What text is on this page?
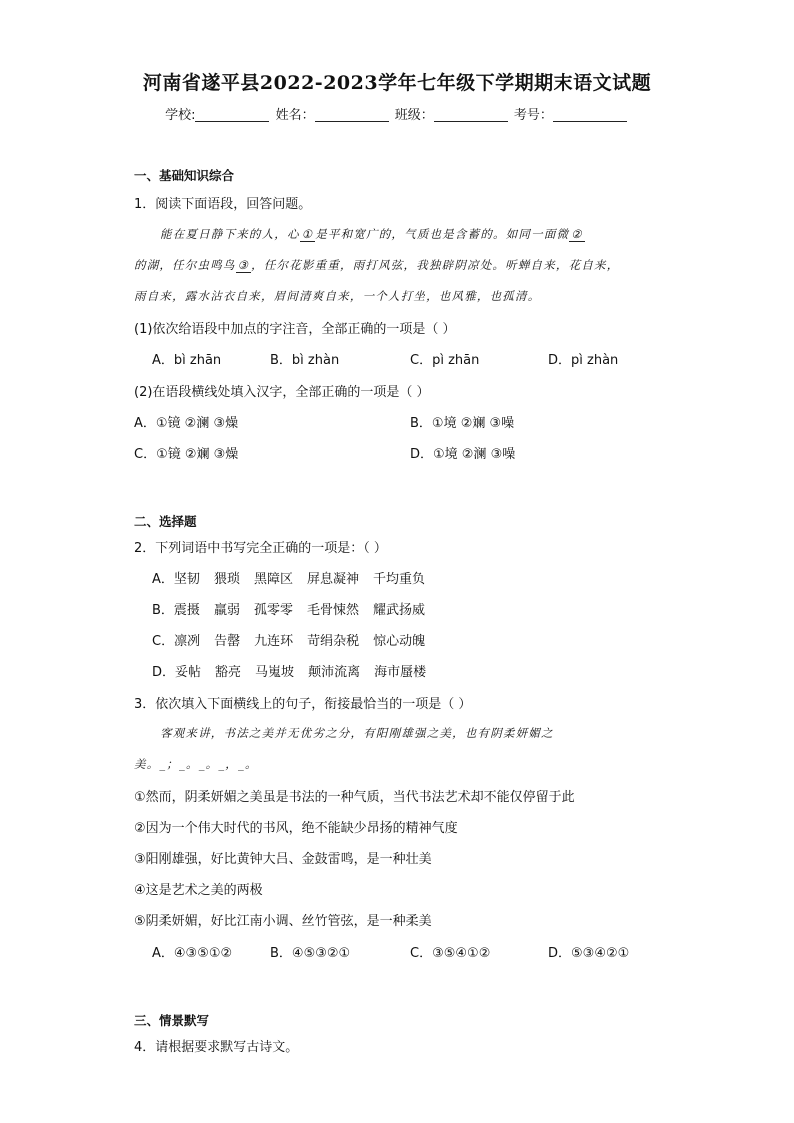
河南省遂平县2022-2023学年七年级下学期期末语文试题
学校:	姓名：	班级：	考号：
一、基础知识综合
1．阅读下面语段，回答问题。
能在夏日静下来的人，心 ① 是平和宽广的，气质也是含蓄的。如同一面微 ②
的湖，任尔虫鸣鸟 ③ ，任尔花影重重，雨打风弦，我独辟阴凉处。听蝉自来，花自来，
雨自来，露水沾衣自来，眉间清爽自来，一个人打坐，也风雅，也孤清。
(1)依次给语段中加点的字注音，全部正确的一项是（ ）
A．bì zhān	B．bì zhàn	C．pì zhān	D．pì zhàn
(2)在语段横线处填入汉字，全部正确的一项是（ ）
A．①镜 ②澜 ③燥	B．①境 ②斓 ③噪
C．①镜 ②斓 ③燥	D．①境 ②澜 ③噪
二、选择题
2．下列词语中书写完全正确的一项是：（ ）
A．坚韧 猥琐 黑障区 屏息凝神 千均重负
B．震摄 羸弱 孤零零 毛骨悚然 耀武扬威
C．凛冽 告罄 九连环 苛绢杂税 惊心动魄
D．妥帖 豁亮 马嵬坡 颠沛流离 海市蜃楼
3．依次填入下面横线上的句子，衔接最恰当的一项是（ ）
客观来讲，书法之美并无优劣之分，有阳刚雄强之美，也有阴柔妍媚之
美。_；_。_。_，_。
①然而，阴柔妍媚之美虽是书法的一种气质，当代书法艺术却不能仅停留于此
②因为一个伟大时代的书风，绝不能缺少昂扬的精神气度
③阳刚雄强，好比黄钟大吕、金鼓雷鸣，是一种壮美
④这是艺术之美的两极
⑤阴柔妍媚，好比江南小调、丝竹管弦，是一种柔美
A．④③⑤①②	B．④⑤③②①	C．③⑤④①②	D．⑤③④②①
三、情景默写
4．请根据要求默写古诗文。
